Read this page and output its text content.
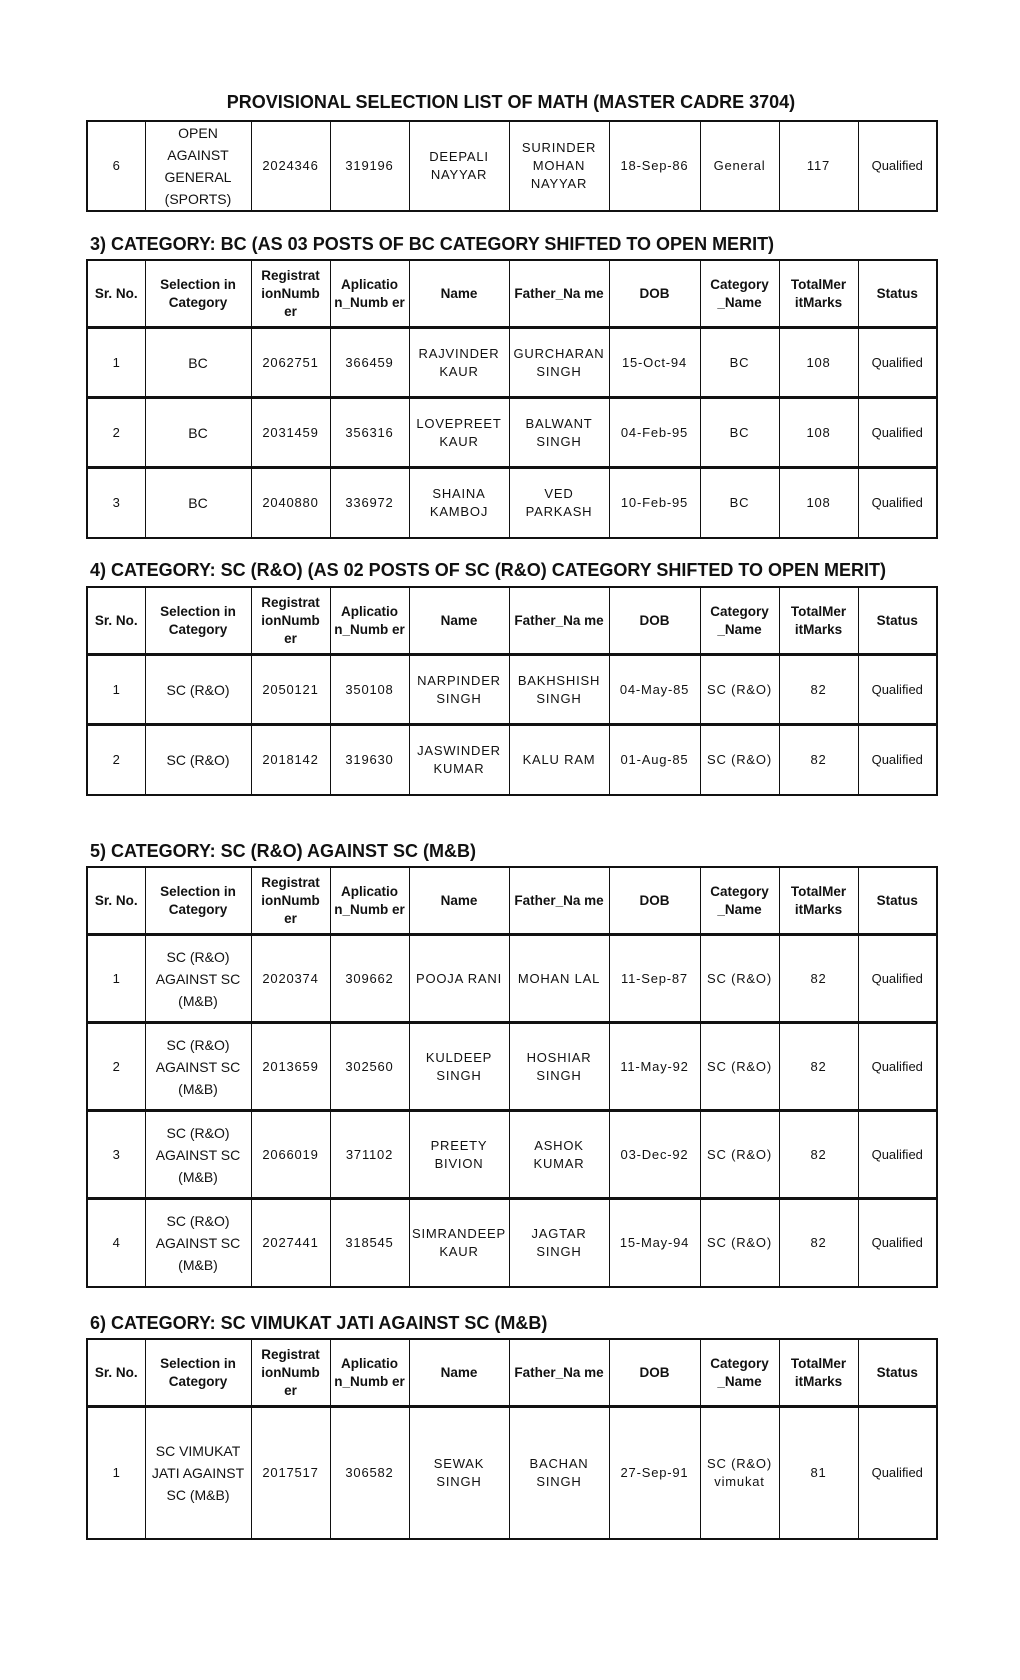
PROVISIONAL SELECTION LIST OF MATH (MASTER CADRE 3704)
6	OPEN AGAINST GENERAL (SPORTS)	2024346	319196	DEEPALI NAYYAR	SURINDER MOHAN NAYYAR	18-Sep-86	General	117	Qualified
3) CATEGORY: BC (AS 03 POSTS OF BC CATEGORY SHIFTED TO OPEN MERIT)
Sr. No.	Selection in Category	Registrat ionNumb er	Aplicatio n_Numb er	Name	Father_Na me	DOB	Category _Name	TotalMer itMarks	Status
1	BC	2062751	366459	RAJVINDER KAUR	GURCHARAN SINGH	15-Oct-94	BC	108	Qualified
2	BC	2031459	356316	LOVEPREET KAUR	BALWANT SINGH	04-Feb-95	BC	108	Qualified
3	BC	2040880	336972	SHAINA KAMBOJ	VED PARKASH	10-Feb-95	BC	108	Qualified
4) CATEGORY: SC (R&O) (AS 02 POSTS OF SC (R&O) CATEGORY SHIFTED TO OPEN MERIT)
Sr. No.	Selection in Category	Registrat ionNumb er	Aplicatio n_Numb er	Name	Father_Na me	DOB	Category _Name	TotalMer itMarks	Status
1	SC (R&O)	2050121	350108	NARPINDER SINGH	BAKHSHISH SINGH	04-May-85	SC (R&O)	82	Qualified
2	SC (R&O)	2018142	319630	JASWINDER KUMAR	KALU RAM	01-Aug-85	SC (R&O)	82	Qualified
5) CATEGORY: SC (R&O) AGAINST SC (M&B)
Sr. No.	Selection in Category	Registrat ionNumb er	Aplicatio n_Numb er	Name	Father_Na me	DOB	Category _Name	TotalMer itMarks	Status
1	SC (R&O) AGAINST SC (M&B)	2020374	309662	POOJA RANI	MOHAN LAL	11-Sep-87	SC (R&O)	82	Qualified
2	SC (R&O) AGAINST SC (M&B)	2013659	302560	KULDEEP SINGH	HOSHIAR SINGH	11-May-92	SC (R&O)	82	Qualified
3	SC (R&O) AGAINST SC (M&B)	2066019	371102	PREETY BIVION	ASHOK KUMAR	03-Dec-92	SC (R&O)	82	Qualified
4	SC (R&O) AGAINST SC (M&B)	2027441	318545	SIMRANDEEP KAUR	JAGTAR SINGH	15-May-94	SC (R&O)	82	Qualified
6) CATEGORY: SC VIMUKAT JATI AGAINST SC (M&B)
Sr. No.	Selection in Category	Registrat ionNumb er	Aplicatio n_Numb er	Name	Father_Na me	DOB	Category _Name	TotalMer itMarks	Status
1	SC VIMUKAT JATI AGAINST SC (M&B)	2017517	306582	SEWAK SINGH	BACHAN SINGH	27-Sep-91	SC (R&O) vimukat	81	Qualified
